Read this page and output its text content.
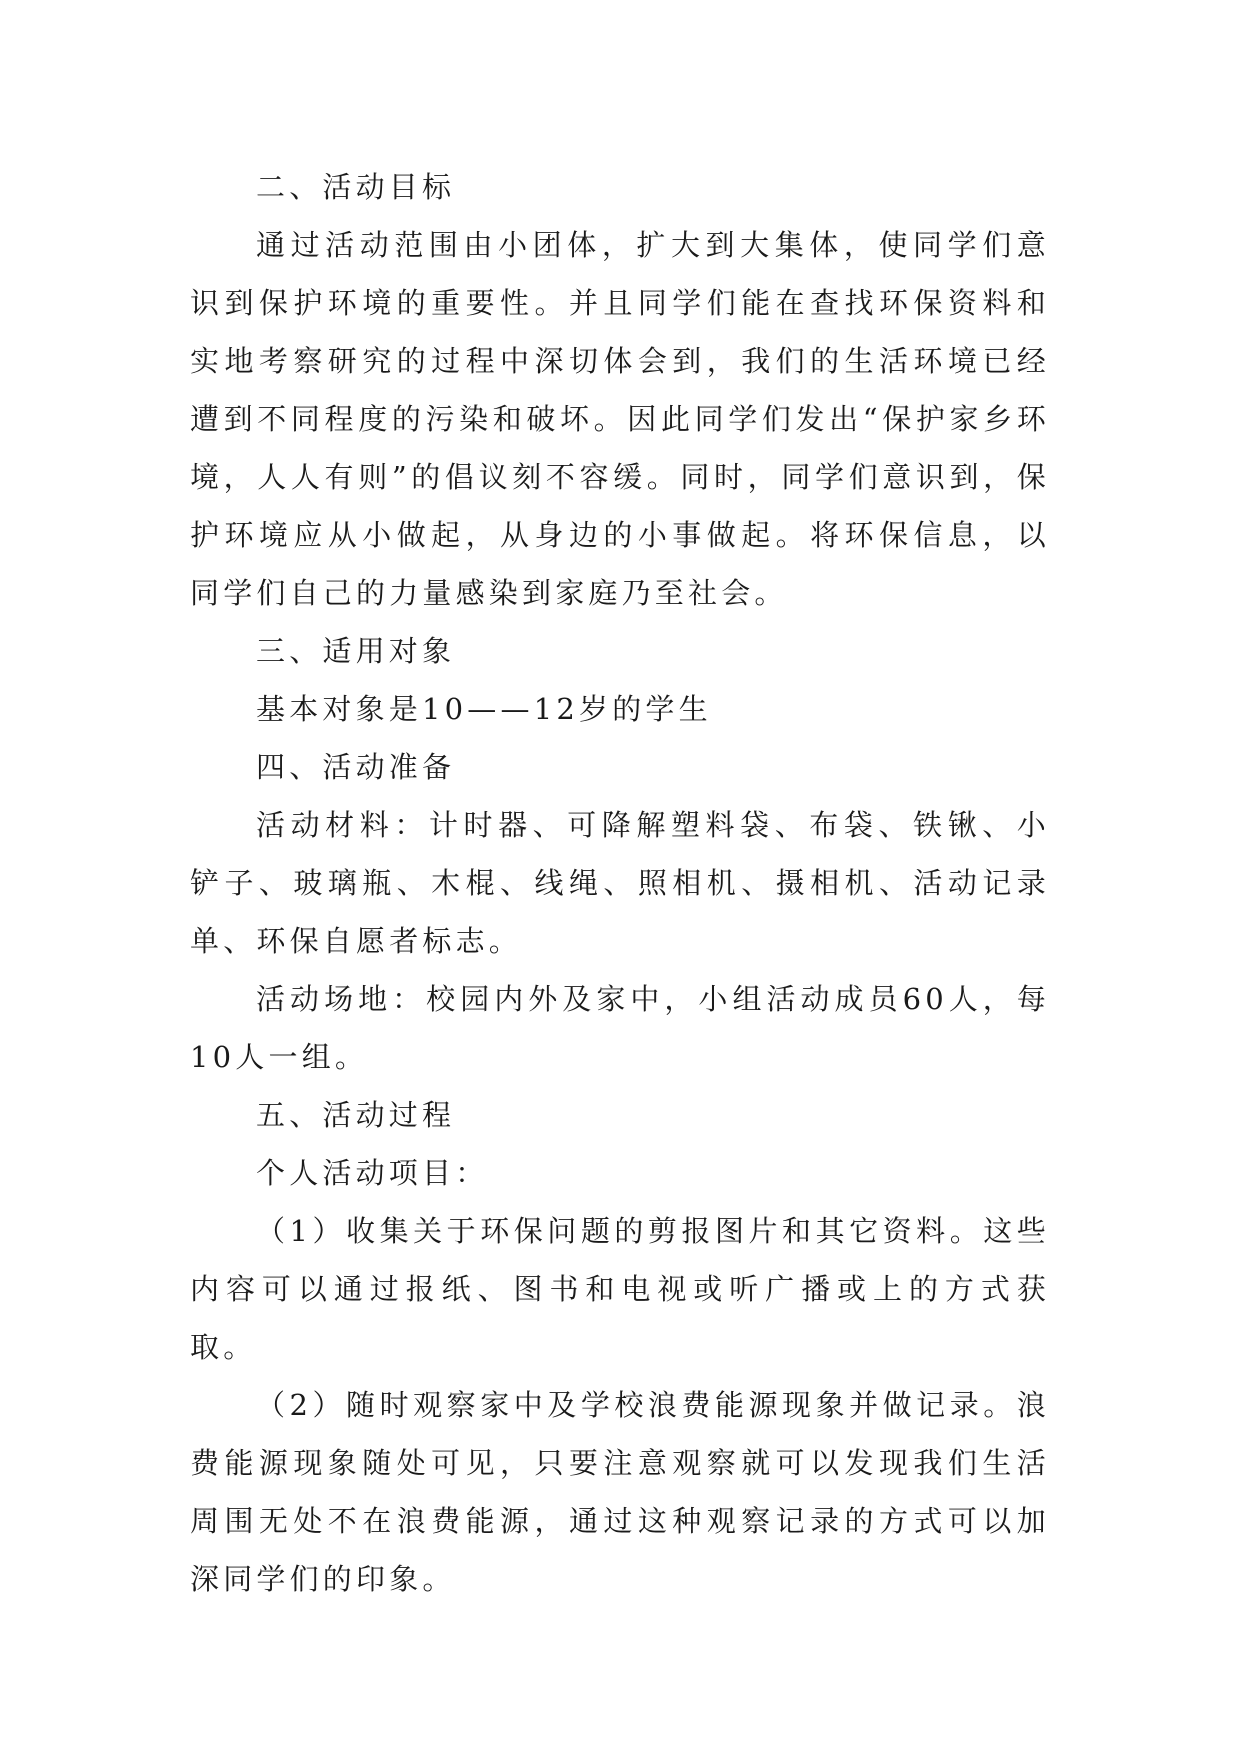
二、活动目标

通过活动范围由小团体，扩大到大集体，使同学们意识到保护环境的重要性。并且同学们能在查找环保资料和实地考察研究的过程中深切体会到，我们的生活环境已经遭到不同程度的污染和破坏。因此同学们发出“保护家乡环境，人人有则”的倡议刻不容缓。同时，同学们意识到，保护环境应从小做起，从身边的小事做起。将环保信息，以同学们自己的力量感染到家庭乃至社会。

三、适用对象

基本对象是10——12岁的学生

四、活动准备

活动材料：计时器、可降解塑料袋、布袋、铁锹、小铲子、玻璃瓶、木棍、线绳、照相机、摄相机、活动记录单、环保自愿者标志。

活动场地：校园内外及家中，小组活动成员60人，每10人一组。

五、活动过程

个人活动项目：

（1）收集关于环保问题的剪报图片和其它资料。这些内容可以通过报纸、图书和电视或听广播或上的方式获取。

（2）随时观察家中及学校浪费能源现象并做记录。浪费能源现象随处可见，只要注意观察就可以发现我们生活周围无处不在浪费能源，通过这种观察记录的方式可以加深同学们的印象。
